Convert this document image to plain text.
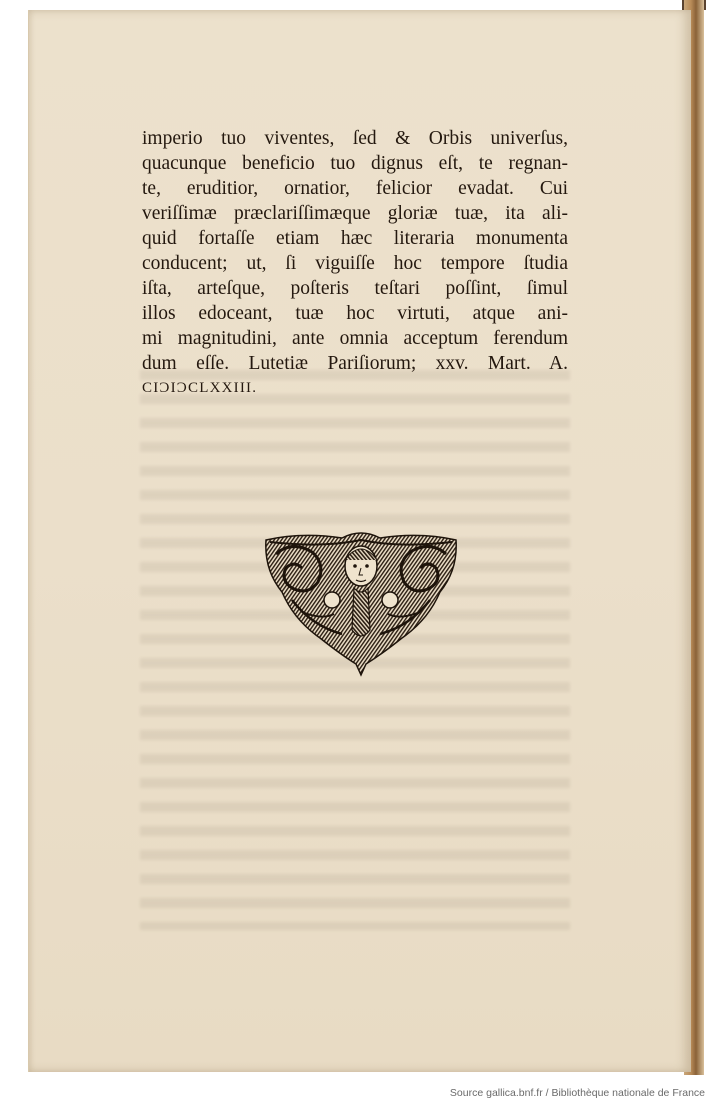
imperio tuo viventes, ſed & Orbis univerſus,
quacunque beneficio tuo dignus eſt, te regnan-
te, eruditior, ornatior, felicior evadat. Cui
veriſſimæ præclariſſimæque gloriæ tuæ, ita ali-
quid fortaſſe etiam hæc literaria monumenta
conducent; ut, ſi viguiſſe hoc tempore ſtudia
iſta, arteſque, poſteris teſtari poſſint, ſimul
illos edoceant, tuæ hoc virtuti, atque ani-
mi magnitudini, ante omnia acceptum ferendum
dum eſſe. Lutetiæ Pariſiorum; xxv. Mart. A.
CIƆIƆCLXXIII.
Source gallica.bnf.fr / Bibliothèque nationale de France
